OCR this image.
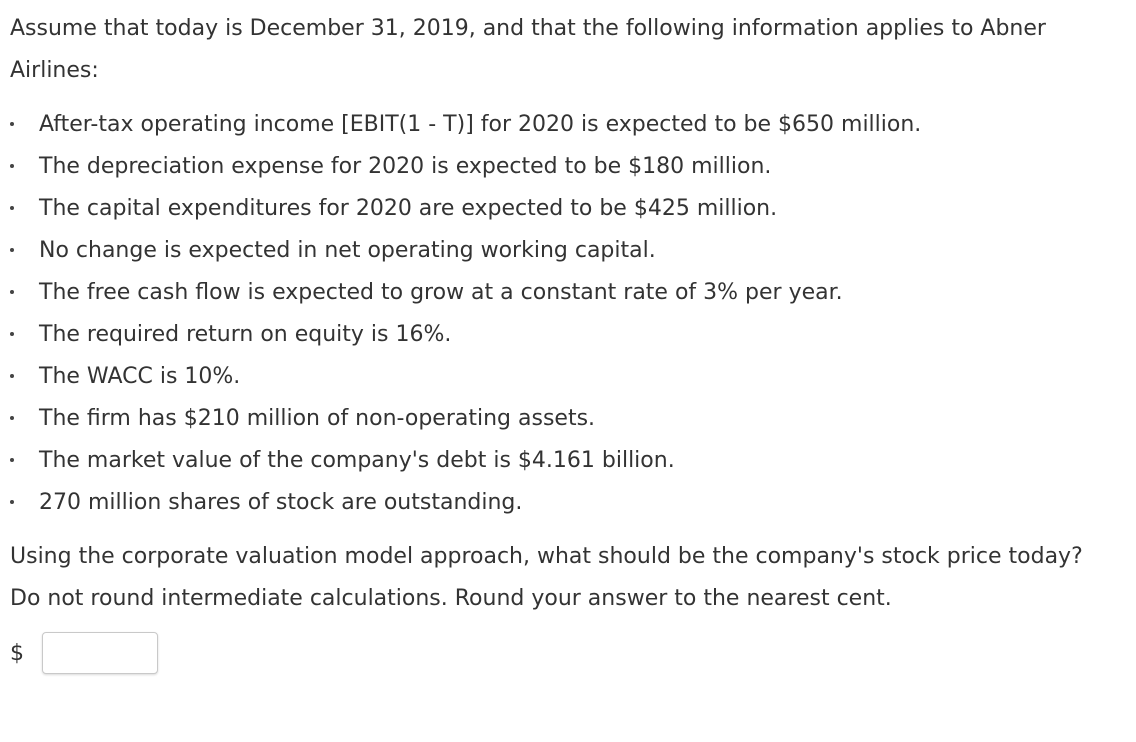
Assume that today is December 31, 2019, and that the following information applies to Abner Airlines:

After-tax operating income [EBIT(1 - T)] for 2020 is expected to be $650 million.
The depreciation expense for 2020 is expected to be $180 million.
The capital expenditures for 2020 are expected to be $425 million.
No change is expected in net operating working capital.
The free cash flow is expected to grow at a constant rate of 3% per year.
The required return on equity is 16%.
The WACC is 10%.
The firm has $210 million of non-operating assets.
The market value of the company's debt is $4.161 billion.
270 million shares of stock are outstanding.

Using the corporate valuation model approach, what should be the company's stock price today? Do not round intermediate calculations. Round your answer to the nearest cent.

$
